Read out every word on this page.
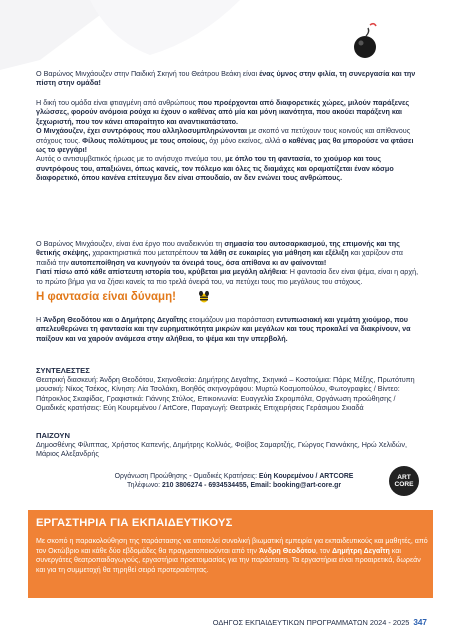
Ο Βαρώνος Μινχάουζεν στην Παιδική Σκηνή του Θεάτρου Βεάκη είναι ένας ύμνος στην φιλία, τη συνεργασία και την πίστη στην ομάδα!

Η δική του ομάδα είναι φτιαγμένη από ανθρώπους που προέρχονται από διαφορετικές χώρες, μιλούν παράξενες γλώσσες, φορούν ανόμοια ρούχα κι έχουν ο καθένας από μία και μόνη ικανότητα, που ακούει παράξενη και ξεχωριστή, που τον κάνει απαραίτητο και αναντικατάστατο.
Ο Μινχάουζεν, έχει συντρόφους που αλληλοσυμπληρώνονται με σκοπό να πετύχουν τους κοινούς και απίθανους στόχους τους. Φίλους πολύτιμους με τους οποίους, όχι μόνο εκείνος, αλλά ο καθένας μας θα μπορούσε να φτάσει ως το φεγγάρι!
Αυτός ο αντισυμβατικός ήρωας με το ανήσυχο πνεύμα του, με όπλο του τη φαντασία, το χιούμορ και τους συντρόφους του, απαξιώνει, όπως κανείς, τον πόλεμο και όλες τις διαμάχες και οραματίζεται έναν κόσμο διαφορετικό, όπου κανένα επίτευγμα δεν είναι σπουδαίο, αν δεν ενώνει τους ανθρώπους.

Ο Βαρώνος Μινχάουζεν, είναι ένα έργο που αναδεικνύει τη σημασία του αυτοσαρκασμού, της επιμονής και της θετικής σκέψης, χαρακτηριστικά που μετατρέπουν τα λάθη σε ευκαιρίες για μάθηση και εξέλιξη και χαρίζουν στα παιδιά την αυτοπεποίθηση να κυνηγούν τα όνειρά τους, όσα απίθανα κι αν φαίνονται!
Γιατί πίσω από κάθε απίστευτη ιστορία του, κρύβεται μια μεγάλη αλήθεια: Η φαντασία δεν είναι ψέμα, είναι η αρχή, το πρώτο βήμα για να ζήσει κανείς τα πιο τρελά όνειρά του, να πετύχει τους πιο μεγάλους του στόχους.

Η φαντασία είναι δύναμη!

Η Άνδρη Θεοδότου και ο Δημήτρης Δεγαΐτης ετοιμάζουν μια παράσταση εντυπωσιακή και γεμάτη χιούμορ, που απελευθερώνει τη φαντασία και την ευρηματικότητα μικρών και μεγάλων και τους προκαλεί να διακρίνουν, να παίξουν και να χαρούν ανάμεσα στην αλήθεια, το ψέμα και την υπερβολή.

ΣΥΝΤΕΛΕΣΤΕΣ

Θεατρική διασκευή: Άνδρη Θεοδότου, Σκηνοθεσία: Δημήτρης Δεγαΐτης, Σκηνικά – Κοστούμια: Πάρις Μέξης, Πρωτότυπη μουσική: Νίκος Τσέκος, Κίνηση: Λία Τσολάκη, Βοηθός σκηνογράφου: Μυρτώ Κοσμοπούλου, Φωτογραφίες / Βίντεο: Πάτροκλος Σκαφίδας, Γραφιστικά: Γιάννης Στύλος, Επικοινωνία: Ευαγγελία Σκρομπόλα, Οργάνωση προώθησης / Ομαδικές κρατήσεις: Εύη Κουρεμένου / ArtCore, Παραγωγή: Θεατρικές Επιχειρήσεις Γεράσιμου Σκιαδά

ΠΑΙΖΟΥΝ

Δημοσθένης Φίλιππας, Χρήστος Καπενής, Δημήτρης Κολλιός, Φοίβος Σαμαρτζής, Γιώργος Γιαννάκης, Ηρώ Χελιδών, Μάριος Αλεξανδρής

Οργάνωση Προώθησης - Ομαδικές Κρατήσεις: Εύη Κουρεμένου / ARTCORE

Τηλέφωνο: 210 3806274 - 6934534455, Email: booking@art-core.gr

ART
CORE
ΕΡΓΑΣΤΗΡΙΑ ΓΙΑ ΕΚΠΑΙΔΕΥΤΙΚΟΥΣ

Με σκοπό η παρακολούθηση της παράστασης να αποτελεί συνολική βιωματική εμπειρία για εκπαιδευτικούς και μαθητές, από τον Οκτώβριο και κάθε δύο εβδομάδες θα πραγματοποιούνται από την Άνδρη Θεοδότου, τον Δημήτρη Δεγαΐτη και συνεργάτες θεατροπαιδαγωγούς, εργαστήρια προετοιμασίας για την παράσταση. Τα εργαστήρια είναι προαιρετικά, δωρεάν και για τη συμμετοχή θα τηρηθεί σειρά προτεραιότητας.

ΟΔΗΓΟΣ ΕΚΠΑΙΔΕΥΤΙΚΩΝ ΠΡΟΓΡΑΜΜΑΤΩΝ 2024 - 2025 347
